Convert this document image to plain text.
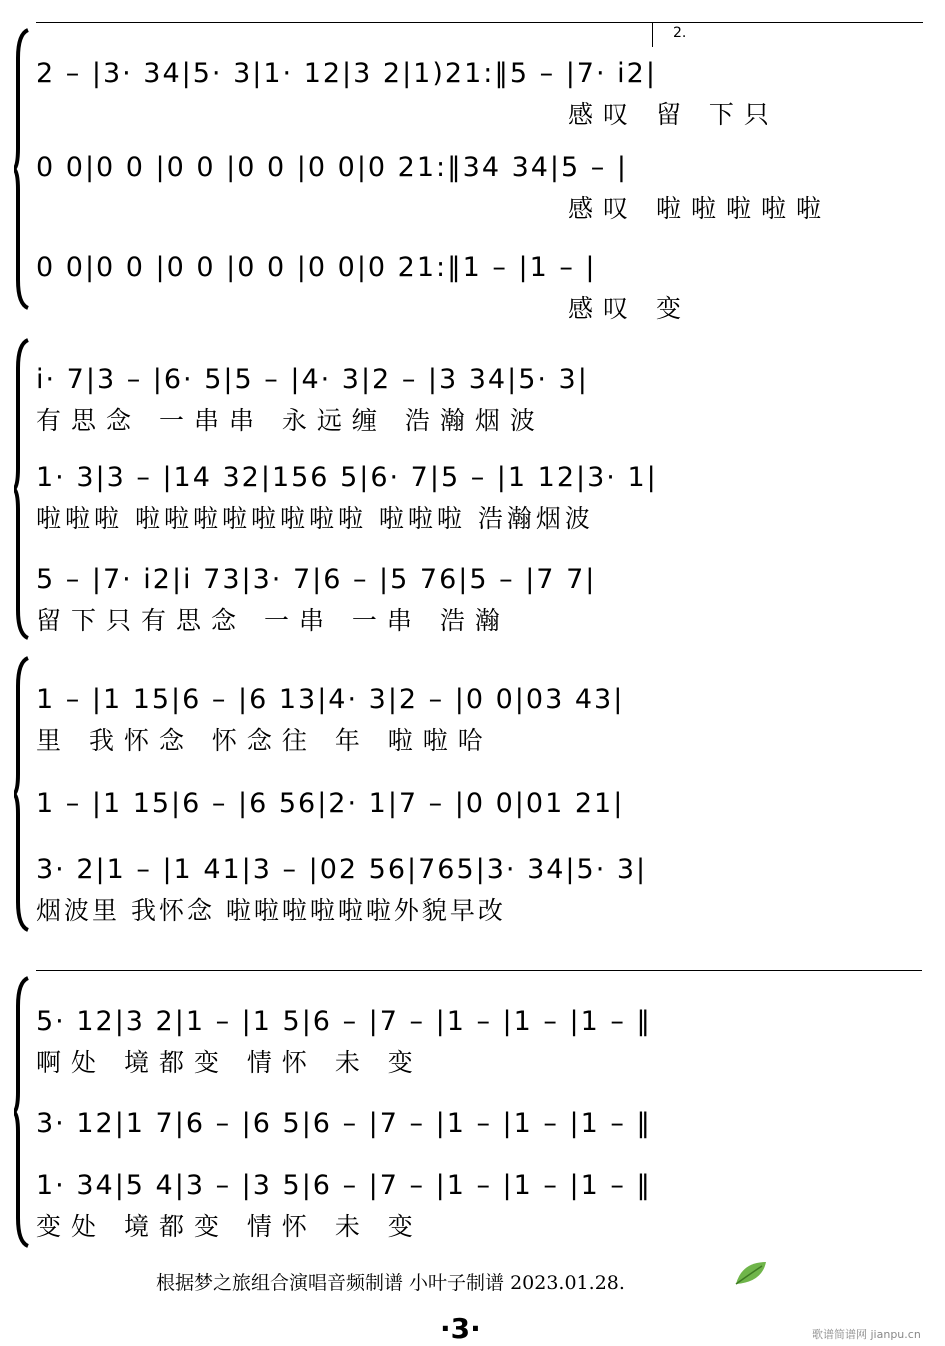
2.
2 – |3· 34|5· 3|1· 12|3 2|1)21:‖5 – |7· i2|
感叹 留 下只
0 0|0 0 |0 0 |0 0 |0 0|0 21:‖34 34|5 – |
感叹 啦啦啦啦啦
0 0|0 0 |0 0 |0 0 |0 0|0 21:‖1 – |1 – |
感叹 变
i· 7|3 – |6· 5|5 – |4· 3|2 – |3 34|5· 3|
有思念 一串串 永远缠 浩瀚烟波
1· 3|3 – |14 32|156 5|6· 7|5 – |1 12|3· 1|
啦啦啦 啦啦啦啦啦啦啦啦 啦啦啦 浩瀚烟波
5 – |7· i2|i 73|3· 7|6 – |5 76|5 – |7 7|
留下只有思念 一串 一串 浩瀚
1 – |1 15|6 – |6 13|4· 3|2 – |0 0|03 43|
里 我怀念 怀念往 年 啦啦哈
1 – |1 15|6 – |6 56|2· 1|7 – |0 0|01 21|
3· 2|1 – |1 41|3 – |02 56|765|3· 34|5· 3|
烟波里 我怀念 啦啦啦啦啦啦外貌早改
5· 12|3 2|1 – |1 5|6 – |7 – |1 – |1 – |1 – ‖
啊处 境都变 情怀 未 变
3· 12|1 7|6 – |6 5|6 – |7 – |1 – |1 – |1 – ‖
1· 34|5 4|3 – |3 5|6 – |7 – |1 – |1 – |1 – ‖
变处 境都变 情怀 未 变
根据梦之旅组合演唱音频制谱 小叶子制谱 2023.01.28.
·3·	歌谱简谱网 jianpu.cn
